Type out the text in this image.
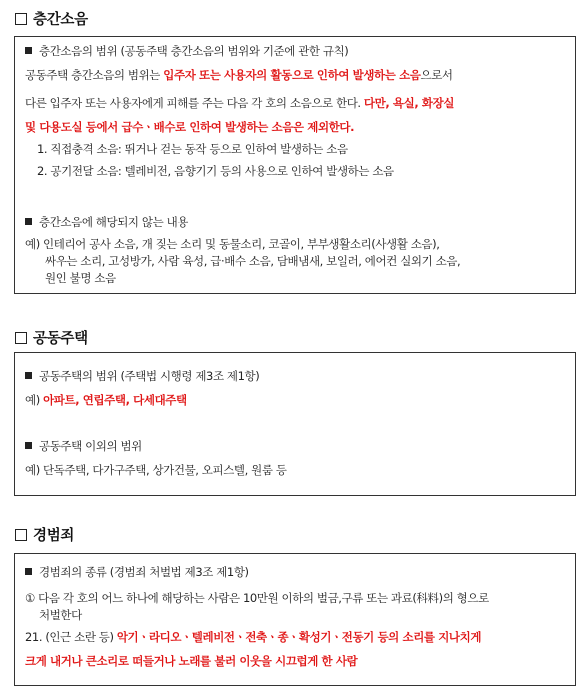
층간소음
층간소음의 범위 (공동주택 층간소음의 범위와 기준에 관한 규칙)
공동주택 층간소음의 범위는 입주자 또는 사용자의 활동으로 인하여 발생하는 소음으로서
다른 입주자 또는 사용자에게 피해를 주는 다음 각 호의 소음으로 한다. 다만, 욕실, 화장실
및 다용도실 등에서 급수ㆍ배수로 인하여 발생하는 소음은 제외한다.
1. 직접충격 소음: 뛰거나 걷는 동작 등으로 인하여 발생하는 소음
2. 공기전달 소음: 텔레비전, 음향기기 등의 사용으로 인하여 발생하는 소음
층간소음에 해당되지 않는 내용
예) 인테리어 공사 소음, 개 짖는 소리 및 동물소리, 코골이, 부부생활소리(사생활 소음),
싸우는 소리, 고성방가, 사람 육성, 급·배수 소음, 담배냄새, 보일러, 에어컨 실외기 소음,
원인 불명 소음
공동주택
공동주택의 범위 (주택법 시행령 제3조 제1항)
예) 아파트, 연립주택, 다세대주택
공동주택 이외의 범위
예) 단독주택, 다가구주택, 상가건물, 오피스텔, 원룸 등
경범죄
경범죄의 종류 (경범죄 처벌법 제3조 제1항)
① 다음 각 호의 어느 하나에 해당하는 사람은 10만원 이하의 벌금,구류 또는 과료(科料)의 형으로
처벌한다
21. (인근 소란 등) 악기ㆍ라디오ㆍ텔레비전ㆍ전축ㆍ종ㆍ확성기ㆍ전동기 등의 소리를 지나치게
크게 내거나 큰소리로 떠들거나 노래를 불러 이웃을 시끄럽게 한 사람
